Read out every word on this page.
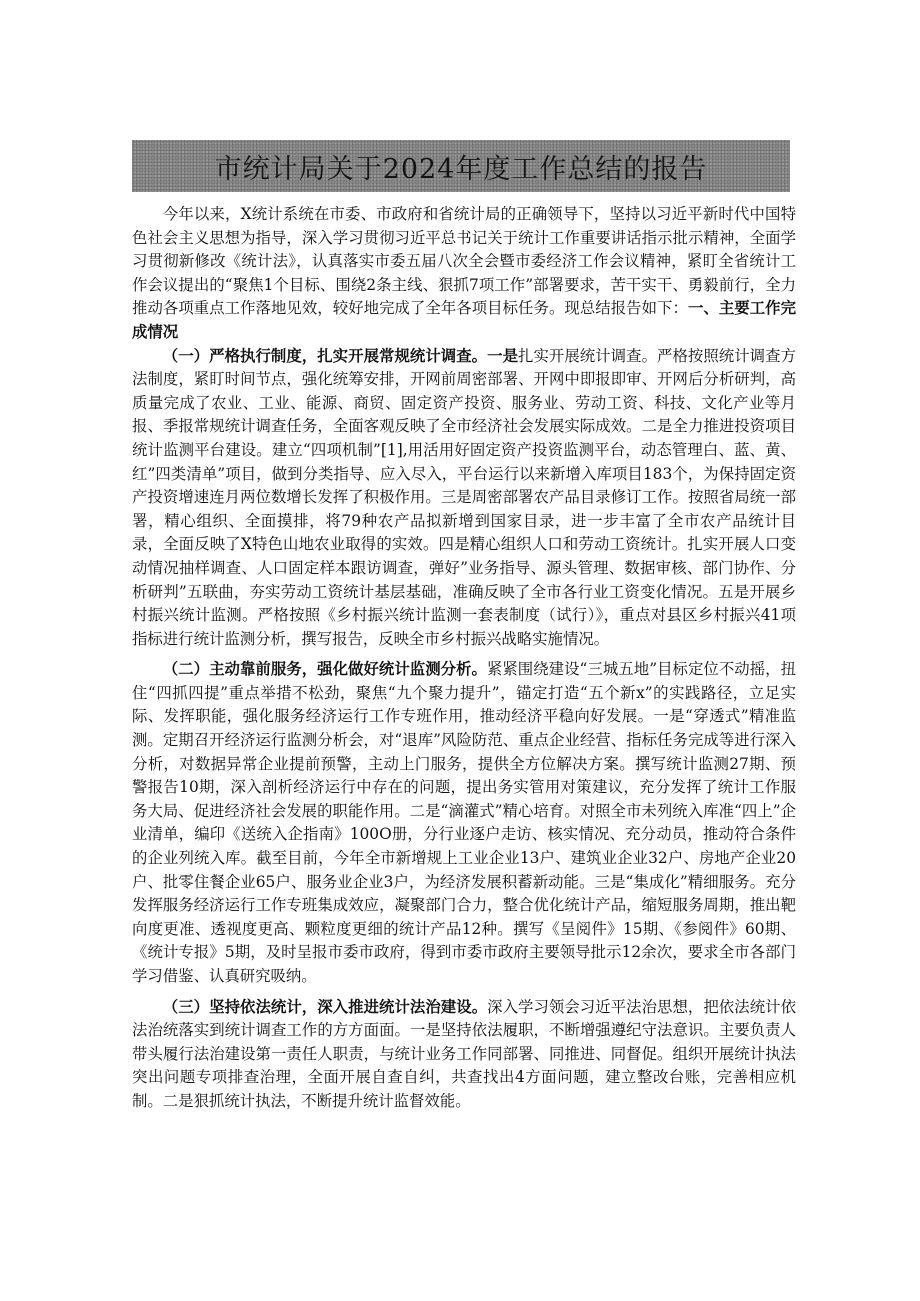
市统计局关于2024年度工作总结的报告

今年以来，X统计系统在市委、市政府和省统计局的正确领导下，坚持以习近平新时代中国特色社会主义思想为指导，深入学习贯彻习近平总书记关于统计工作重要讲话指示批示精神，全面学习贯彻新修改《统计法》，认真落实市委五届八次全会暨市委经济工作会议精神，紧盯全省统计工作会议提出的“聚焦1个目标、围绕2条主线、狠抓7项工作”部署要求，苦干实干、勇毅前行，全力推动各项重点工作落地见效，较好地完成了全年各项目标任务。现总结报告如下：一、主要工作完成情况

（一）严格执行制度，扎实开展常规统计调查。一是扎实开展统计调查。严格按照统计调查方法制度，紧盯时间节点，强化统筹安排，开网前周密部署、开网中即报即审、开网后分析研判，高质量完成了农业、工业、能源、商贸、固定资产投资、服务业、劳动工资、科技、文化产业等月报、季报常规统计调查任务，全面客观反映了全市经济社会发展实际成效。二是全力推进投资项目统计监测平台建设。建立“四项机制”[1],用活用好固定资产投资监测平台，动态管理白、蓝、黄、红”四类清单”项目，做到分类指导、应入尽入，平台运行以来新增入库项目183个，为保持固定资产投资增速连月两位数增长发挥了积极作用。三是周密部署农产品目录修订工作。按照省局统一部署，精心组织、全面摸排，将79种农产品拟新增到国家目录，进一步丰富了全市农产品统计目录，全面反映了X特色山地农业取得的实效。四是精心组织人口和劳动工资统计。扎实开展人口变动情况抽样调查、人口固定样本跟访调查，弹好”业务指导、源头管理、数据审核、部门协作、分析研判”五联曲，夯实劳动工资统计基层基础，准确反映了全市各行业工资变化情况。五是开展乡村振兴统计监测。严格按照《乡村振兴统计监测一套表制度（试行）》，重点对县区乡村振兴41项指标进行统计监测分析，撰写报告，反映全市乡村振兴战略实施情况。

（二）主动靠前服务，强化做好统计监测分析。紧紧围绕建设“三城五地”目标定位不动摇，扭住“四抓四提”重点举措不松劲，聚焦“九个聚力提升”，锚定打造“五个新x”的实践路径，立足实际、发挥职能，强化服务经济运行工作专班作用，推动经济平稳向好发展。一是“穿透式”精准监测。定期召开经济运行监测分析会，对“退库”风险防范、重点企业经营、指标任务完成等进行深入分析，对数据异常企业提前预警，主动上门服务，提供全方位解决方案。撰写统计监测27期、预警报告10期，深入剖析经济运行中存在的问题，提出务实管用对策建议，充分发挥了统计工作服务大局、促进经济社会发展的职能作用。二是“滴灌式”精心培育。对照全市未列统入库准“四上”企业清单，编印《送统入企指南》100O册，分行业逐户走访、核实情况、充分动员，推动符合条件的企业列统入库。截至目前，今年全市新增规上工业企业13户、建筑业企业32户、房地产企业20户、批零住餐企业65户、服务业企业3户，为经济发展积蓄新动能。三是“集成化”精细服务。充分发挥服务经济运行工作专班集成效应，凝聚部门合力，整合优化统计产品，缩短服务周期，推出靶向度更准、透视度更高、颗粒度更细的统计产品12种。撰写《呈阅件》15期、《参阅件》60期、《统计专报》5期，及时呈报市委市政府，得到市委市政府主要领导批示12余次，要求全市各部门学习借鉴、认真研究吸纳。

（三）坚持依法统计，深入推进统计法治建设。深入学习领会习近平法治思想，把依法统计依法治统落实到统计调查工作的方方面面。一是坚持依法履职，不断增强遵纪守法意识。主要负责人带头履行法治建设第一责任人职责，与统计业务工作同部署、同推进、同督促。组织开展统计执法突出问题专项排查治理，全面开展自查自纠，共查找出4方面问题，建立整改台账，完善相应机制。二是狠抓统计执法，不断提升统计监督效能。
